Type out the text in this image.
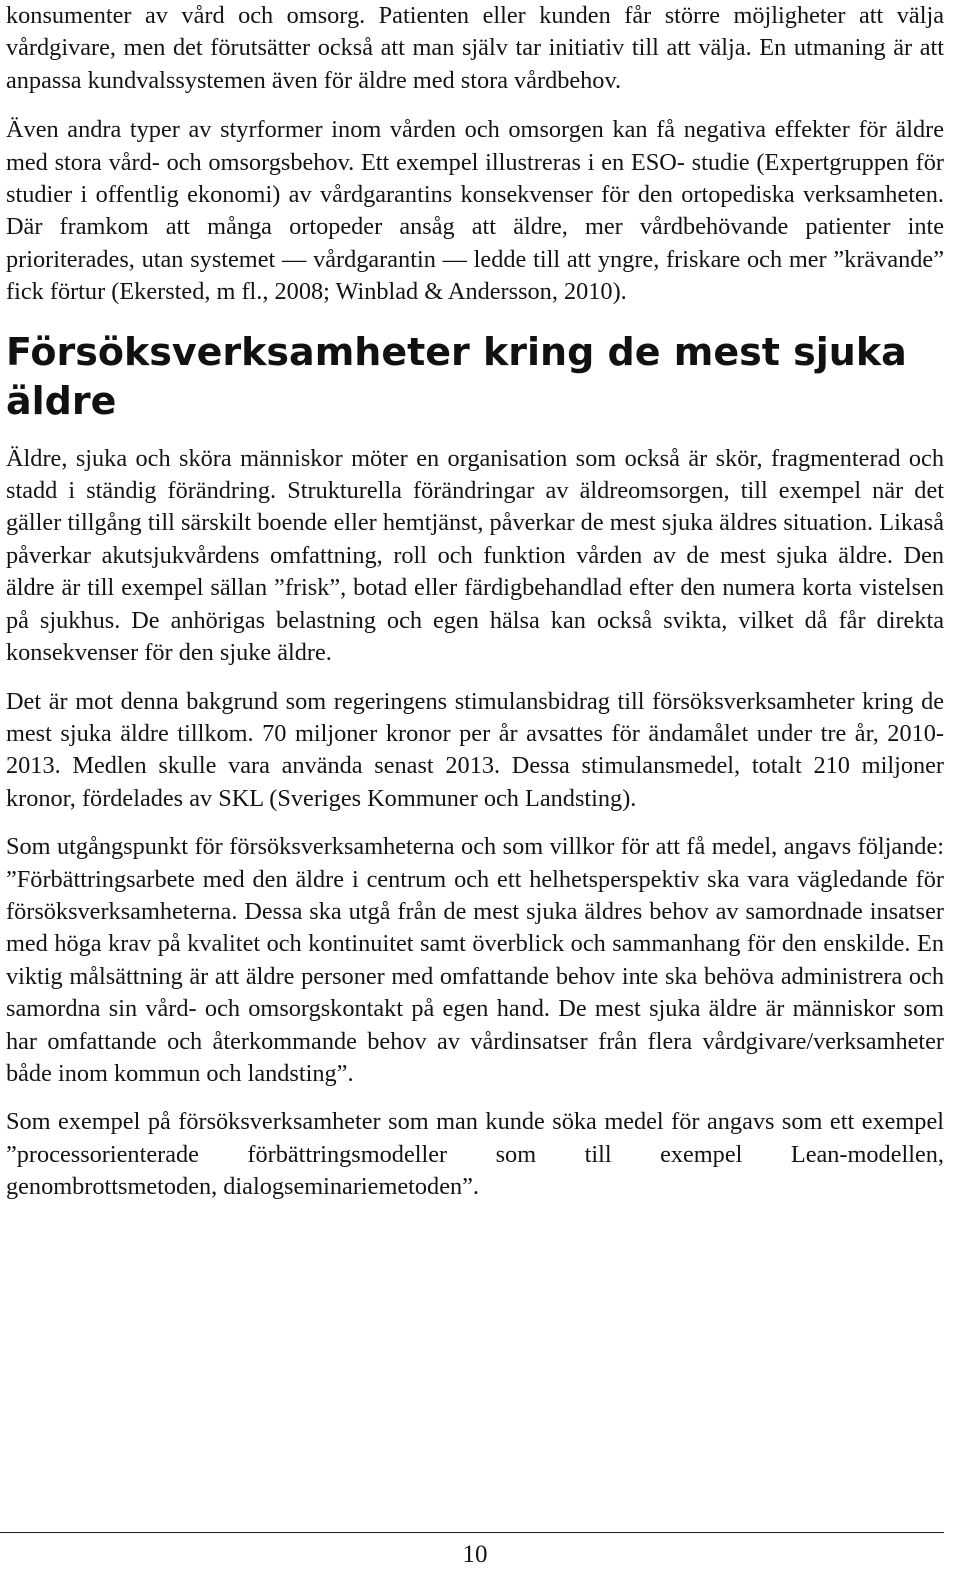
konsumenter av vård och omsorg. Patienten eller kunden får större möjligheter att välja vårdgivare, men det förutsätter också att man själv tar initiativ till att välja. En utmaning är att anpassa kundvalssystemen även för äldre med stora vårdbehov.

Även andra typer av styrformer inom vården och omsorgen kan få negativa effekter för äldre med stora vård- och omsorgsbehov. Ett exempel illustreras i en ESO- studie (Expertgruppen för studier i offentlig ekonomi) av vårdgarantins konsekvenser för den ortopediska verksamheten. Där framkom att många ortopeder ansåg att äldre, mer vårdbehövande patienter inte prioriterades, utan systemet — vårdgarantin — ledde till att yngre, friskare och mer ”krävande” fick förtur (Ekersted, m fl., 2008; Winblad & Andersson, 2010).

Försöksverksamheter kring de mest sjuka äldre

Äldre, sjuka och sköra människor möter en organisation som också är skör, fragmenterad och stadd i ständig förändring. Strukturella förändringar av äldreomsorgen, till exempel när det gäller tillgång till särskilt boende eller hemtjänst, påverkar de mest sjuka äldres situation. Likaså påverkar akutsjukvårdens omfattning, roll och funktion vården av de mest sjuka äldre. Den äldre är till exempel sällan ”frisk”, botad eller färdigbehandlad efter den numera korta vistelsen på sjukhus. De anhörigas belastning och egen hälsa kan också svikta, vilket då får direkta konsekvenser för den sjuke äldre.

Det är mot denna bakgrund som regeringens stimulansbidrag till försöksverksamheter kring de mest sjuka äldre tillkom. 70 miljoner kronor per år avsattes för ändamålet under tre år, 2010-2013. Medlen skulle vara använda senast 2013. Dessa stimulansmedel, totalt 210 miljoner kronor, fördelades av SKL (Sveriges Kommuner och Landsting).

Som utgångspunkt för försöksverksamheterna och som villkor för att få medel, angavs följande: ”Förbättringsarbete med den äldre i centrum och ett helhetsperspektiv ska vara vägledande för försöksverksamheterna. Dessa ska utgå från de mest sjuka äldres behov av samordnade insatser med höga krav på kvalitet och kontinuitet samt överblick och sammanhang för den enskilde. En viktig målsättning är att äldre personer med omfattande behov inte ska behöva administrera och samordna sin vård- och omsorgskontakt på egen hand. De mest sjuka äldre är människor som har omfattande och återkommande behov av vårdinsatser från flera vårdgivare/verksamheter både inom kommun och landsting”.

Som exempel på försöksverksamheter som man kunde söka medel för angavs som ett exempel ”processorienterade förbättringsmodeller som till exempel Lean-modellen, genombrottsmetoden, dialogseminariemetoden”.

10
